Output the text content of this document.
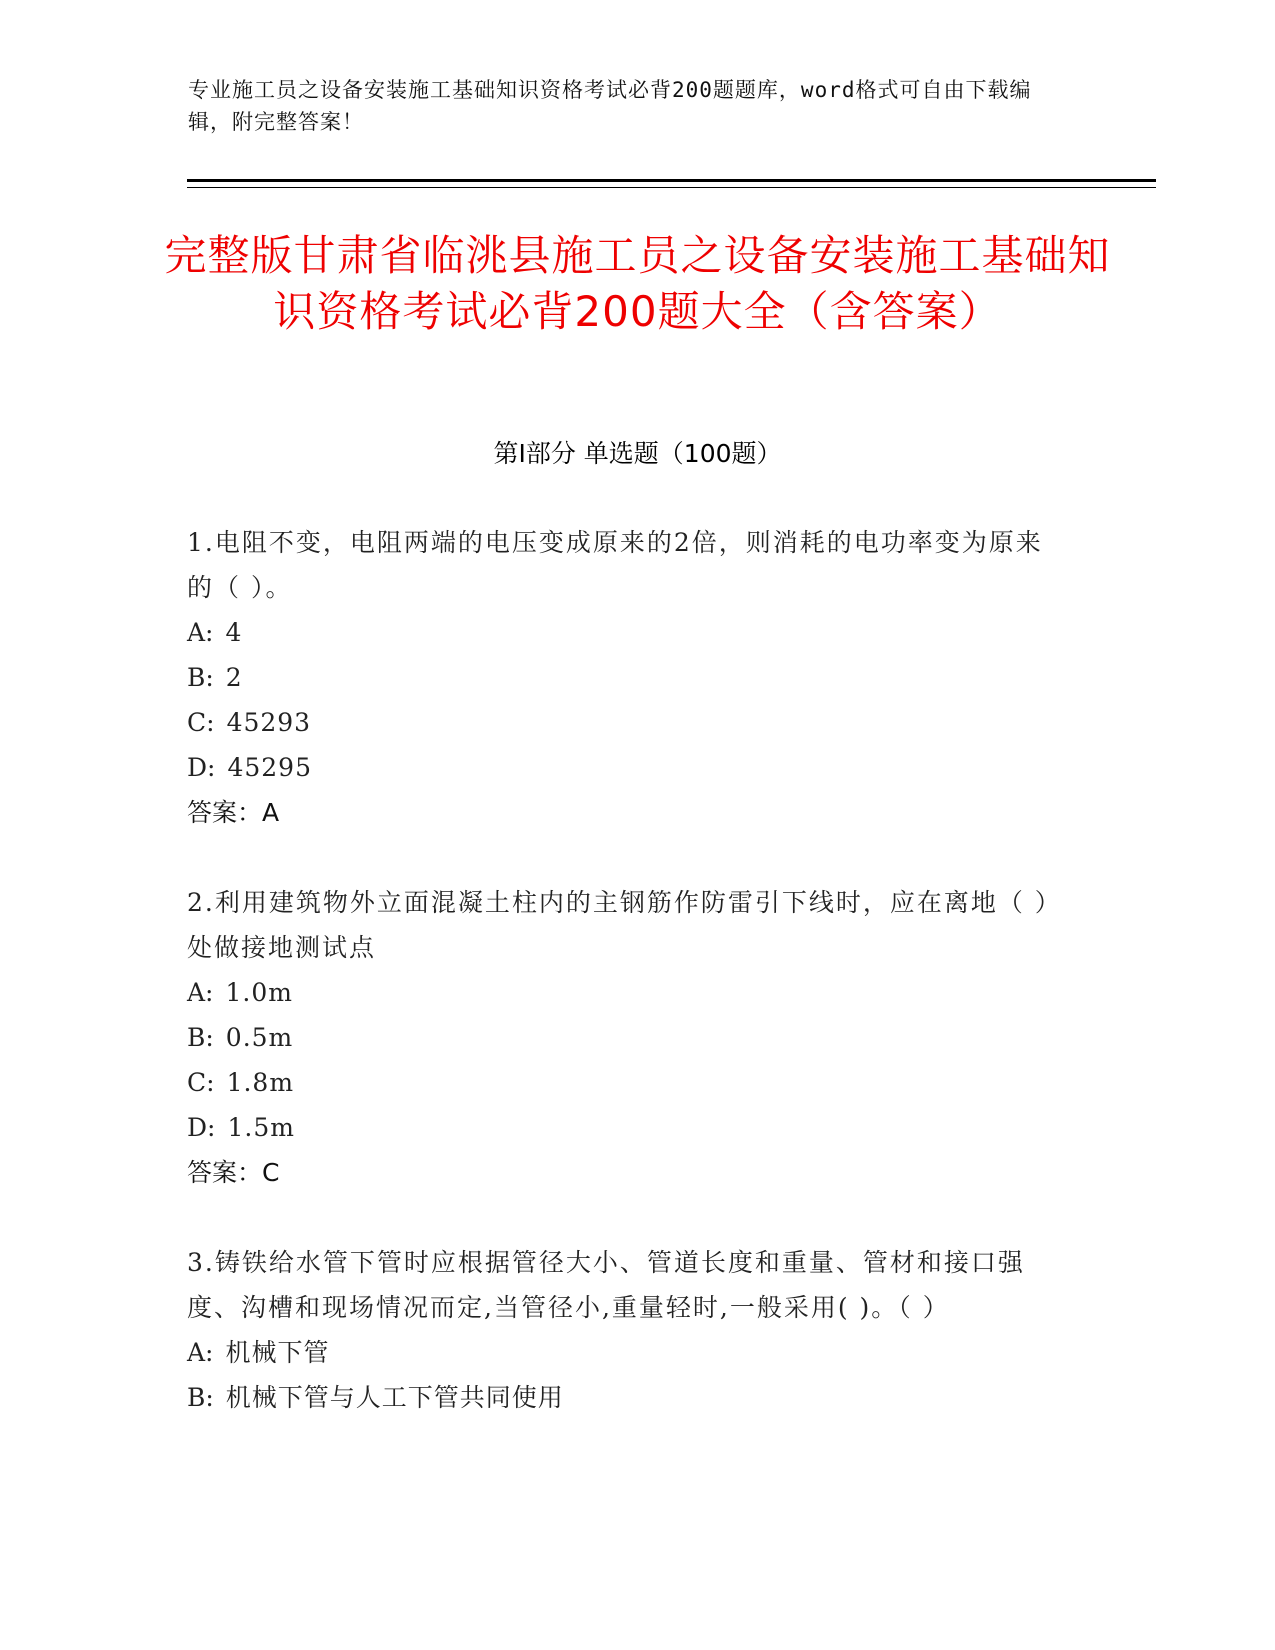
专业施工员之设备安装施工基础知识资格考试必背200题题库，word格式可自由下载编辑，附完整答案！
完整版甘肃省临洮县施工员之设备安装施工基础知识资格考试必背200题大全（含答案）
第Ⅰ部分 单选题（100题）
1.电阻不变，电阻两端的电压变成原来的2倍，则消耗的电功率变为原来的（ ）。
A: 4
B: 2
C: 45293
D: 45295
答案：A
2.利用建筑物外立面混凝土柱内的主钢筋作防雷引下线时，应在离地（ ）处做接地测试点
A: 1.0m
B: 0.5m
C: 1.8m
D: 1.5m
答案：C
3.铸铁给水管下管时应根据管径大小、管道长度和重量、管材和接口强度、沟槽和现场情况而定,当管径小,重量轻时,一般采用( )。（ ）
A: 机械下管
B: 机械下管与人工下管共同使用
